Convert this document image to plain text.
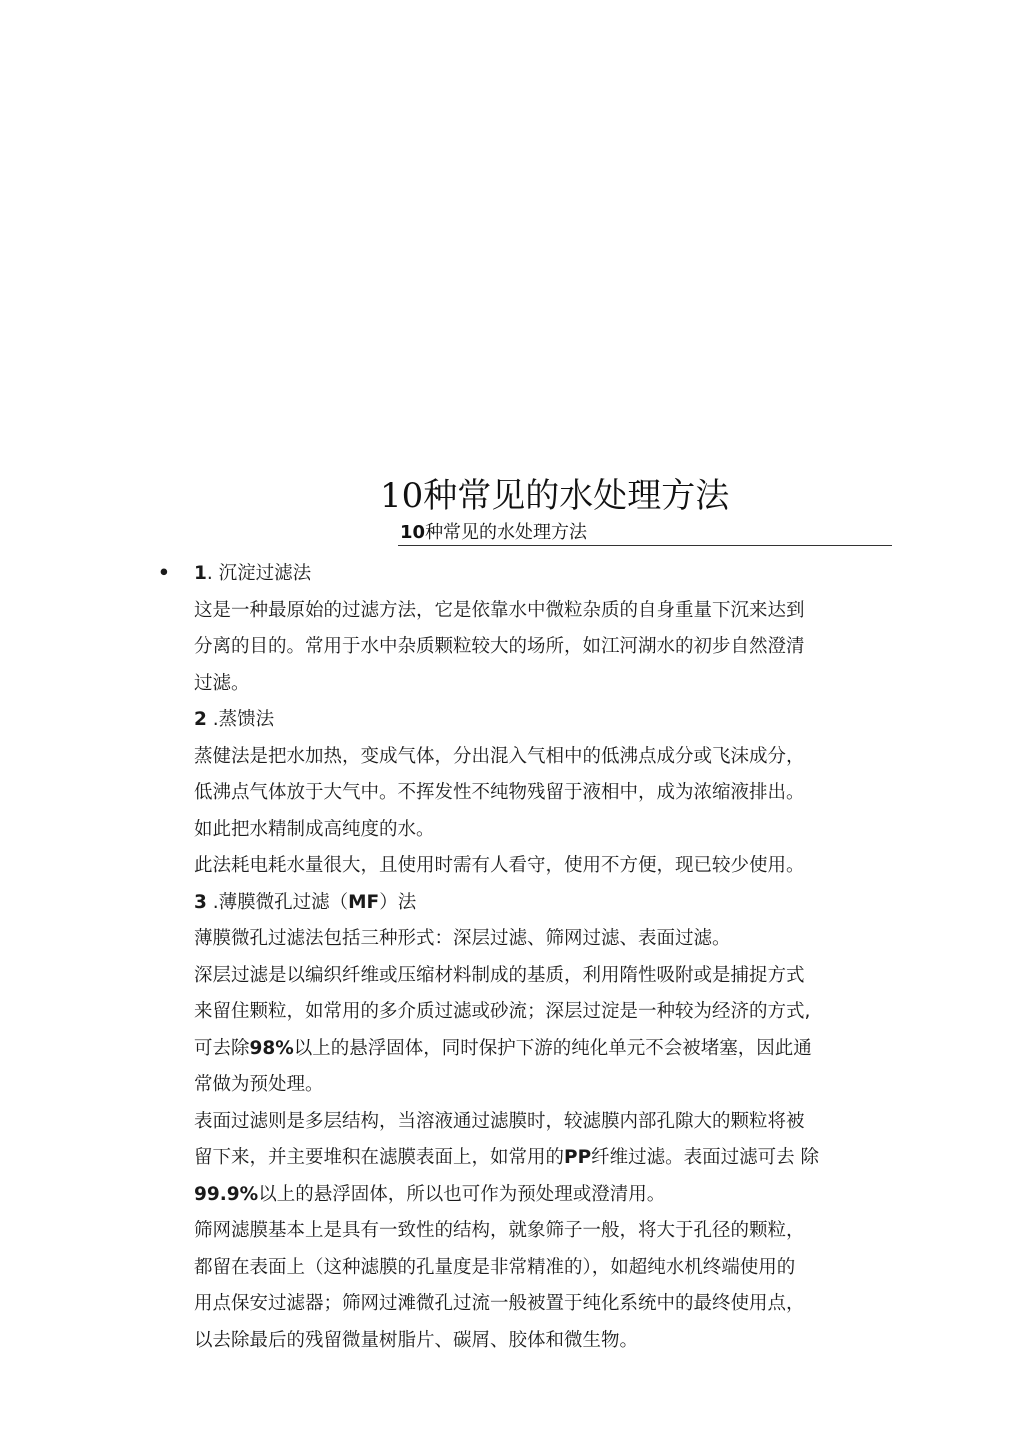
10种常见的水处理方法
10种常见的水处理方法
• 1. 沉淀过滤法
这是一种最原始的过滤方法，它是依靠水中微粒杂质的自身重量下沉来达到
分离的目的。常用于水中杂质颗粒较大的场所，如江河湖水的初步自然澄清
过滤。
2 .蒸馈法
蒸健法是把水加热，变成气体，分出混入气相中的低沸点成分或飞沫成分，
低沸点气体放于大气中。不挥发性不纯物残留于液相中，成为浓缩液排出。
如此把水精制成高纯度的水。
此法耗电耗水量很大，且使用时需有人看守，使用不方便，现已较少使用。
3 .薄膜微孔过滤（MF）法
薄膜微孔过滤法包括三种形式：深层过滤、筛网过滤、表面过滤。
深层过滤是以编织纤维或压缩材料制成的基质，利用隋性吸附或是捕捉方式
来留住颗粒，如常用的多介质过滤或砂流；深层过淀是一种较为经济的方式,
可去除98%以上的悬浮固体，同时保护下游的纯化单元不会被堵塞，因此通
常做为预处理。
表面过滤则是多层结构，当溶液通过滤膜时，较滤膜内部孔隙大的颗粒将被
留下来，并主要堆积在滤膜表面上，如常用的PP纤维过滤。表面过滤可去 除
99.9%以上的悬浮固体，所以也可作为预处理或澄清用。
筛网滤膜基本上是具有一致性的结构，就象筛子一般，将大于孔径的颗粒，
都留在表面上（这种滤膜的孔量度是非常精准的），如超纯水机终端使用的
用点保安过滤器；筛网过滩微孔过流一般被置于纯化系统中的最终使用点，
以去除最后的残留微量树脂片、碳屑、胶体和微生物。
